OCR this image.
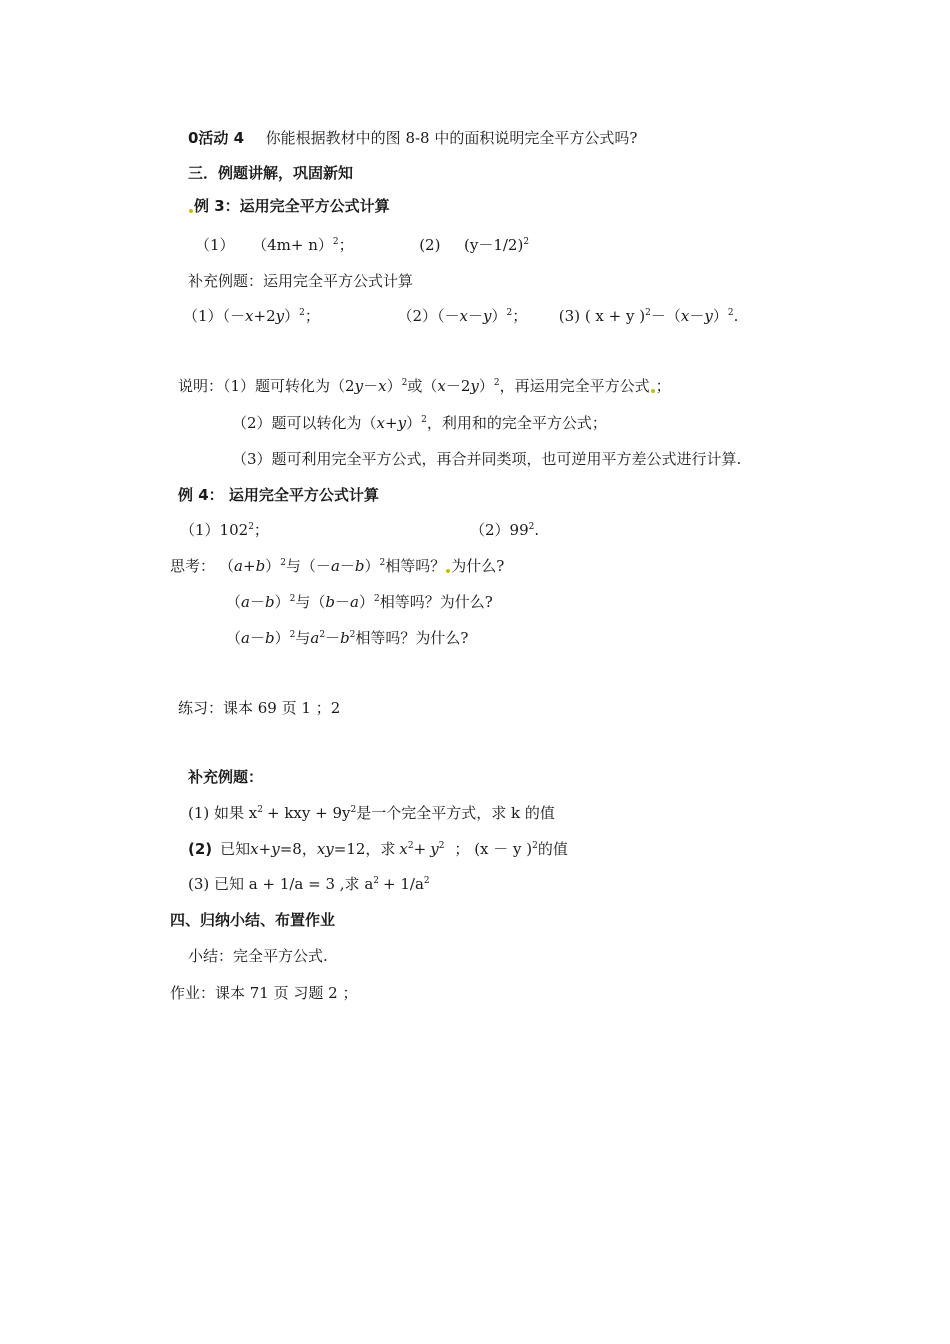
0活动 4 你能根据教材中的图 8-8 中的面积说明完全平方公式吗?
三．例题讲解，巩固新知
例 3：运用完全平方公式计算
（1） $(4m+ n)^2$；	(2) $(y-1/2)^2$
补充例题：运用完全平方公式计算
$(1)(-x+2y)^2$；	$(2)(-x-y)^2$； (3) ( x + y )$^2-(x-y)^2$.
说明：（1）题可转化为$(2y-x)^2$或$(x-2y)^2$，再运用完全平方公式 ；
（2）题可以转化为$(x+y)^2$，利用和的完全平方公式；
（3）题可利用完全平方公式，再合并同类项，也可逆用平方差公式进行计算.
例 4： 运用完全平方公式计算
$(1)102^2$；	$(2)99^2$.
思考： $(a+b)^2$与$(-a-b)^2$相等吗？ 为什么?
$(a-b)^2$与$(b-a)^2$相等吗？为什么?
$(a-b)^2$与$a^2-b^2$相等吗？为什么?
练习：课本 69 页 1 ；2
补充例题：
(1) 如果 $x^2$ + kxy + $9y^2$是一个完全平方式，求 k 的值
(2) 已知x+y=8，xy=12，求 $x^2+ y^2$ ； (x － y )$^2$的值
(3) 已知 a + 1/a = 3 ,求 $a^2 + 1/a^2$
四、归纳小结、布置作业
小结：完全平方公式.
作业：课本 71 页 习题 2 ；
